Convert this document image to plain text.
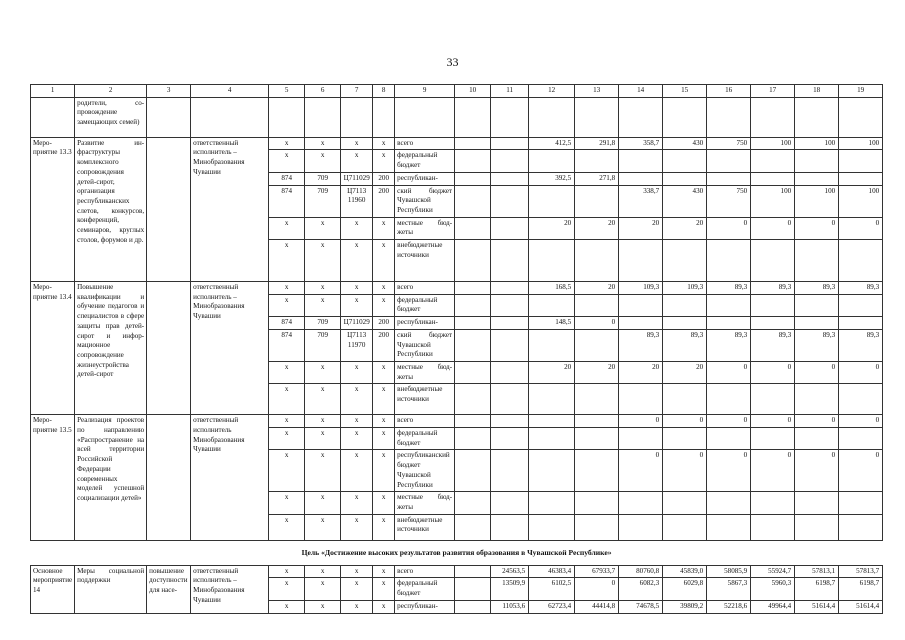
33
1	2	3	4	5	6	7	8	9	10	11	12	13	14	15	16	17	18	19
	родители, сопровождение замещающих семей)																	
Мероприятие 13.3	Развитие инфраструктуры комплексного сопровождения детей-сирот, организация республиканских слетов, конкурсов, конференций, семинаров, круглых столов, форумов и др.		ответственный исполнитель – Минобразования Чувашии	x	x	x	x	всего			412,5	291,8	358,7	430	750	100	100	100
				x	x	x	x	федеральный бюджет										
				874	709	Ц711029	200	республикан-			392,5	271,8						
				874	709	Ц7113 11960	200	ский бюджет Чувашской Республики					338,7	430	750	100	100	100
				x	x	x	x	местные бюджеты			20	20	20	20	0	0	0	0
				x	x	x	x	внебюджетные источники										
Мероприятие 13.4	Повышение квалификации и обучение педагогов и специалистов в сфере защиты прав детей-сирот и информационное сопровождение жизнеустройства детей-сирот		ответственный исполнитель – Минобразования Чувашии	x	x	x	x	всего			168,5	20	109,3	109,3	89,3	89,3	89,3	89,3
				x	x	x	x	федеральный бюджет										
				874	709	Ц711029	200	республикан-			148,5	0						
				874	709	Ц7113 11970	200	ский бюджет Чувашской Республики					89,3	89,3	89,3	89,3	89,3	89,3
				x	x	x	x	местные бюджеты			20	20	20	20	0	0	0	0
				x	x	x	x	внебюджетные источники										
Мероприятие 13.5	Реализация проектов по направлению «Распространение на всей территории Российской Федерации современных моделей успешной социализации детей»		ответственный исполнитель Минобразования Чувашии	x	x	x	x	всего					0	0	0	0	0	0
				x	x	x	x	федеральный бюджет										
				x	x	x	x	республиканский бюджет Чувашской Республики					0	0	0	0	0	0
				x	x	x	x	местные бюджеты										
				x	x	x	x	внебюджетные источники										
Цель «Достижение высоких результатов развития образования в Чувашской Республике»																		
Основное мероприятие 14	Меры социальной поддержки	повышение доступности для насе-	ответственный исполнитель – Минобразования Чувашии	x	x	x	x	всего		24563,5	46383,4	67933,7	80760,8	45839,0	58085,9	55924,7	57813,1	57813,7
				x	x	x	x	федеральный бюджет		13509,9	6102,5	0	6082,3	6029,8	5867,3	5960,3	6198,7	6198,7
				x	x	x	x	республикан-		11053,6	62723,4	44414,8	74678,5	39809,2	52218,6	49964,4	51614,4	51614,4
